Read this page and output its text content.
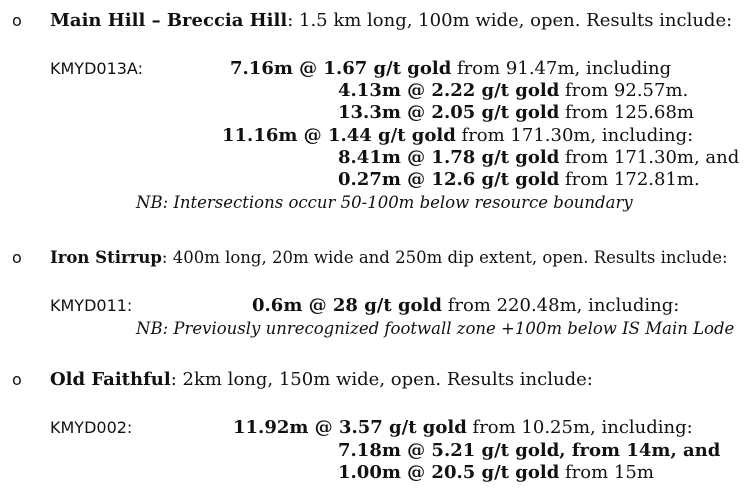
o Main Hill – Breccia Hill: 1.5 km long, 100m wide, open. Results include:
KMYD013A:	7.16m @ 1.67 g/t gold from 91.47m, including
4.13m @ 2.22 g/t gold from 92.57m.
13.3m @ 2.05 g/t gold from 125.68m
11.16m @ 1.44 g/t gold from 171.30m, including:
8.41m @ 1.78 g/t gold from 171.30m, and
0.27m @ 12.6 g/t gold from 172.81m.
NB: Intersections occur 50-100m below resource boundary
o Iron Stirrup: 400m long, 20m wide and 250m dip extent, open. Results include:
KMYD011:	0.6m @ 28 g/t gold from 220.48m, including:
NB: Previously unrecognized footwall zone +100m below IS Main Lode
o Old Faithful: 2km long, 150m wide, open. Results include:
KMYD002:	11.92m @ 3.57 g/t gold from 10.25m, including:
7.18m @ 5.21 g/t gold, from 14m, and
1.00m @ 20.5 g/t gold from 15m
